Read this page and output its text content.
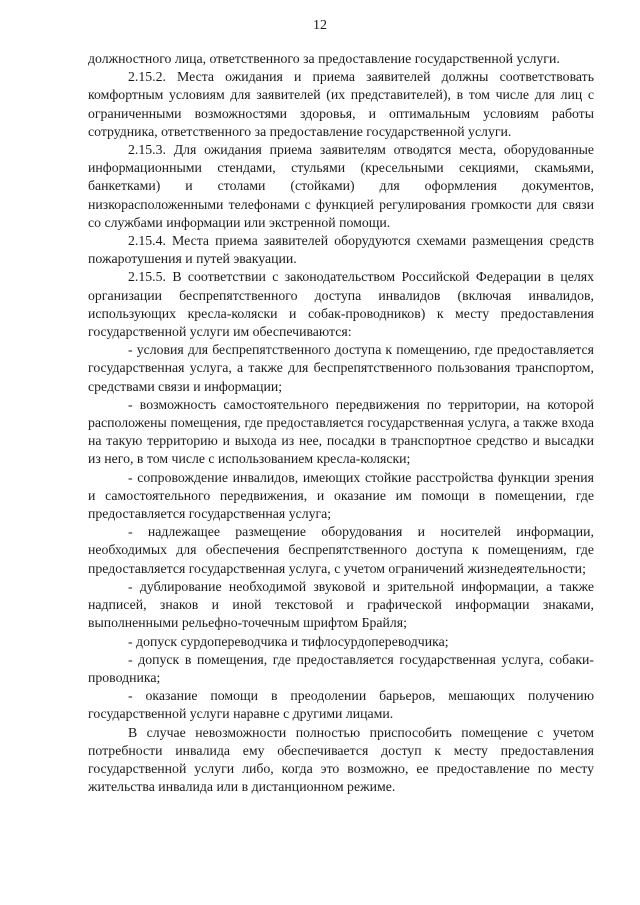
12

должностного лица, ответственного за предоставление государственной услуги.

2.15.2. Места ожидания и приема заявителей должны соответствовать комфортным условиям для заявителей (их представителей), в том числе для лиц с ограниченными возможностями здоровья, и оптимальным условиям работы сотрудника, ответственного за предоставление государственной услуги.

2.15.3. Для ожидания приема заявителям отводятся места, оборудованные информационными стендами, стульями (кресельными секциями, скамьями, банкетками) и столами (стойками) для оформления документов, низкорасположенными телефонами с функцией регулирования громкости для связи со службами информации или экстренной помощи.

2.15.4. Места приема заявителей оборудуются схемами размещения средств пожаротушения и путей эвакуации.

2.15.5. В соответствии с законодательством Российской Федерации в целях организации беспрепятственного доступа инвалидов (включая инвалидов, использующих кресла-коляски и собак-проводников) к месту предоставления государственной услуги им обеспечиваются:

- условия для беспрепятственного доступа к помещению, где предоставляется государственная услуга, а также для беспрепятственного пользования транспортом, средствами связи и информации;

- возможность самостоятельного передвижения по территории, на которой расположены помещения, где предоставляется государственная услуга, а также входа на такую территорию и выхода из нее, посадки в транспортное средство и высадки из него, в том числе с использованием кресла-коляски;

- сопровождение инвалидов, имеющих стойкие расстройства функции зрения и самостоятельного передвижения, и оказание им помощи в помещении, где предоставляется государственная услуга;

- надлежащее размещение оборудования и носителей информации, необходимых для обеспечения беспрепятственного доступа к помещениям, где предоставляется государственная услуга, с учетом ограничений жизнедеятельности;

- дублирование необходимой звуковой и зрительной информации, а также надписей, знаков и иной текстовой и графической информации знаками, выполненными рельефно-точечным шрифтом Брайля;

- допуск сурдопереводчика и тифлосурдопереводчика;

- допуск в помещения, где предоставляется государственная услуга, собаки-проводника;

- оказание помощи в преодолении барьеров, мешающих получению государственной услуги наравне с другими лицами.

В случае невозможности полностью приспособить помещение с учетом потребности инвалида ему обеспечивается доступ к месту предоставления государственной услуги либо, когда это возможно, ее предоставление по месту жительства инвалида или в дистанционном режиме.
